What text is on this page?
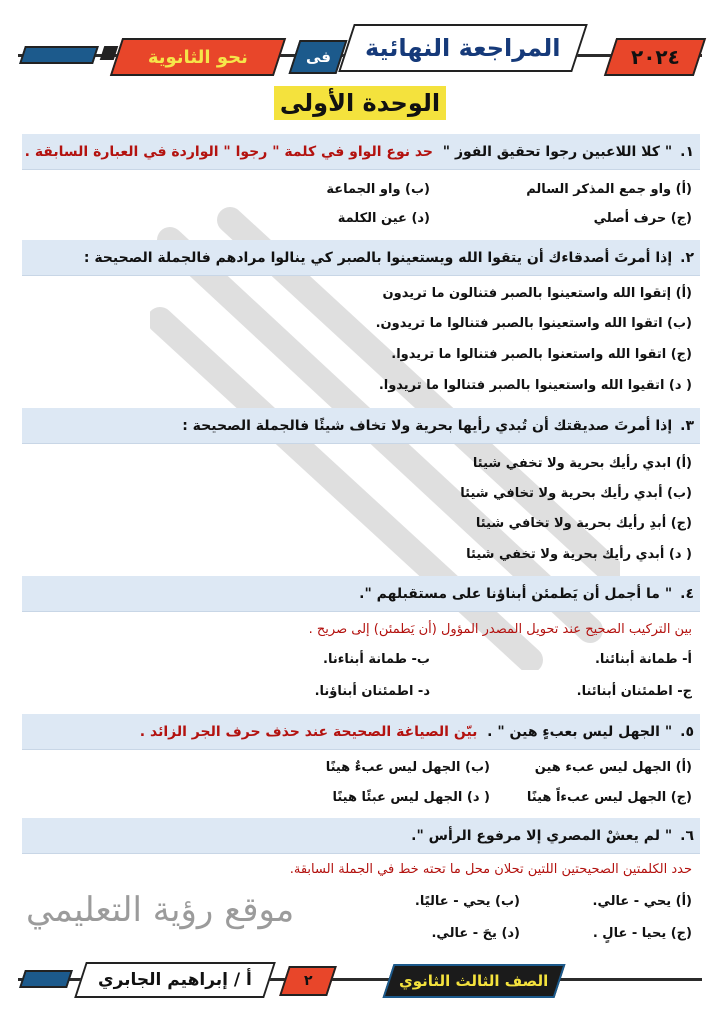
٢٠٢٤
المراجعة النهائية
فى
نحو الثانوية
الوحدة الأولى
١.
" كلا اللاعبين رجوا تحقيق الفوز "  حد نوع الواو في كلمة " رجوا " الواردة في العبارة السابقة .
(أ) واو جمع المذكر السالم
(ب) واو الجماعة
(ج) حرف أصلي
(د) عين الكلمة
٢.
إذا أمرتَ أصدقاءك أن يتقوا الله ويستعينوا بالصبر كي ينالوا مرادهم فالجملة الصحيحة :
(أ) إتقوا الله واستعينوا بالصبر فتنالون ما تريدون
(ب) اتقوا الله واستعينوا بالصبر فتنالوا ما تريدون.
(ج) اتقوا الله واستعنوا بالصبر فتنالوا ما تريدوا.
( د) اتقيوا الله واستعينوا بالصبر فتنالوا ما تريدوا.
٣.
إذا أمرتَ صديقتك أن تُبدي رأيها بحرية ولا تخاف شيئًا فالجملة الصحيحة :
(أ) ابدي رأيك بحرية ولا تخفي شيئا
(ب) أبدي رأيك بحرية ولا تخافي شيئا
(ج) أبدِ رأيك بحرية ولا تخافي شيئا
( د) أبدي رأيك بحرية ولا تخفي شيئا
٤.
" ما أجمل أن يَطمئن أبناؤنا على مستقبلهم ".
بين التركيب الصحيح عند تحويل المصدر المؤول (أن يَطمئن) إلى صريح .
أ- طمانة أبنائنا.
ب- طمانة أبناءنا.
ج- اطمئنان أبنائنا.
د- اطمئنان أبناؤنا.
٥.
" الجهل ليس بعبءٍ هين " .  بيّن الصياغة الصحيحة عند حذف حرف الجر الزائد .
(أ) الجهل ليس عبء هين
(ب) الجهل ليس عبءٌ هينًا
(ج) الجهل ليس عبءاً هينًا
( د) الجهل ليس عبئًا هينًا
٦.
" لم يعشْ المصري إلا مرفوع الرأس ".
حدد الكلمتين الصحيحتين اللتين تحلان محل ما تحته خط في الجملة السابقة.
(أ) يحي - عالي.
(ب) يحي - عاليًا.
(ج) يحيا - عالٍ .
(د) يحَ - عالي.
موقع رؤية التعليمي
الصف الثالث الثانوي
٢
أ / إبراهيم الجابري
